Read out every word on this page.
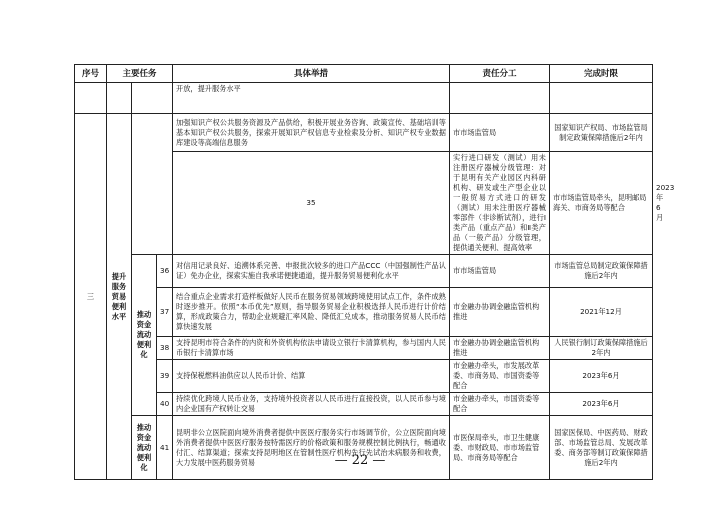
序号	主要任务			具体举措	责任分工	完成时限	
				开放，提升服务水平			
三	提升服务贸易便利水平			加强知识产权公共服务资源及产品供给，积极开展业务咨询、政策宣传、基础培训等基本知识产权公共服务，探索开展知识产权信息专业检索及分析、知识产权专业数据库建设等高端信息服务	市市场监管局	国家知识产权局、市场监管局制定政策保障措施后2年内	
				35	实行进口研发（测试）用未注册医疗器械分级管理：对于昆明有关产业园区内科研机构、研发或生产型企业以一般贸易方式进口的研发（测试）用未注册医疗器械零部件（非诊断试剂），进行Ⅰ类产品（重点产品）和Ⅱ类产品（一般产品）分级管理，提供通关便利、提高效率	市市场监管局牵头，昆明邮局海关、市商务局等配合	2023年6月
		推动资金流动便利化	36	对信用记录良好、追溯体系完善、申报批次较多的进口产品CCC（中国强制性产品认证）免办企业，探索实施自我承诺便捷通道，提升服务贸易便利化水平	市市场监管局	市场监管总局制定政策保障措施后2年内	
			37	结合重点企业需求打造样板做好人民币在服务贸易领域跨境使用试点工作，条件成熟时逐步推开。依照“本币优先”原则，指导服务贸易企业积极选择人民币进行计价结算，形成政策合力，帮助企业规避汇率风险、降低汇兑成本，推动服务贸易人民币结算快速发展	市金融办协调金融监管机构推进	2021年12月	
			38	支持昆明市符合条件的内资和外资机构依法申请设立银行卡清算机构，参与国内人民币银行卡清算市场	市金融办协调金融监管机构推进	人民银行制订政策保障措施后2年内	
			39	支持保税燃料油供应以人民币计价、结算	市金融办牵头，市发展改革委、市商务局、市国资委等配合	2023年6月	
			40	持续优化跨境人民币业务，支持境外投资者以人民币进行直接投资，以人民币参与境内企业国有产权转让交易	市金融办牵头，市国资委等配合	2023年6月	
		推动资金流动便利化	41	昆明非公立医院面向境外消费者提供中医医疗服务实行市场调节价，公立医院面向境外消费者提供中医医疗服务按特需医疗的价格政策和服务规模控制比例执行，畅通收付汇、结算渠道；探索支持昆明地区在管制性医疗机构先行先试治未病服务和收费，大力发展中医药服务贸易	市医保局牵头，市卫生健康委、市财政局、市市场监管局、市商务局等配合	国家医保局、中医药局、财政部、市场监管总局、发展改革委、商务部等制订政策保障措施后2年内	
— 22 —
